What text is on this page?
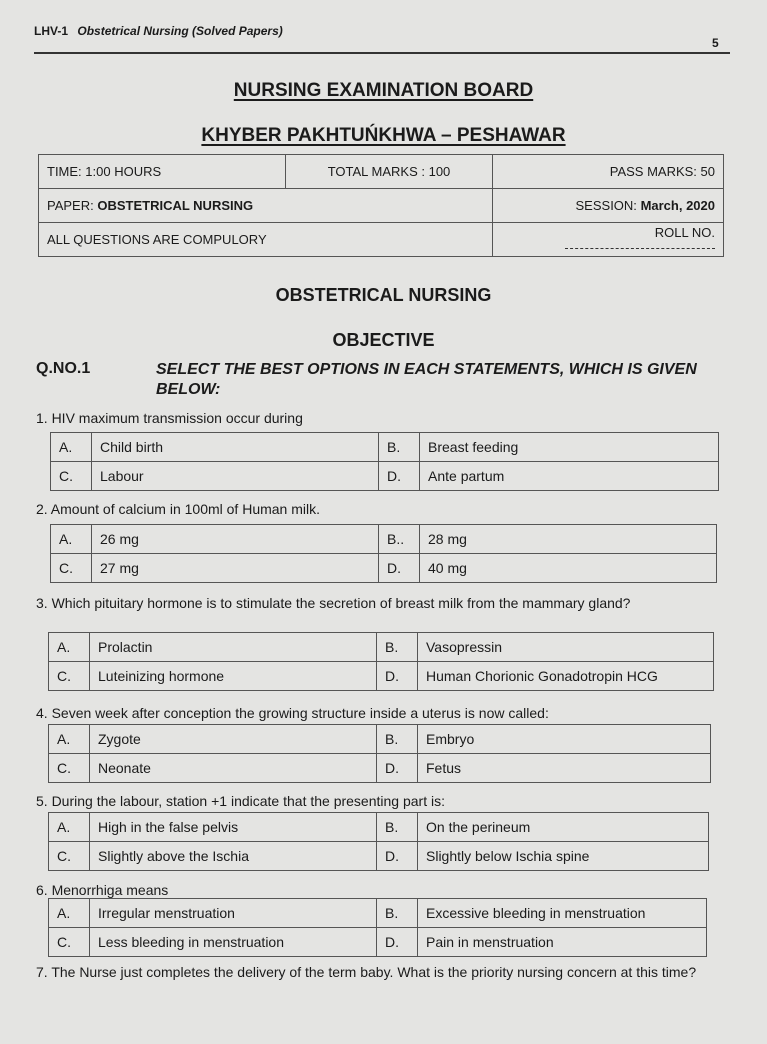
LHV-1 Obstetrical Nursing (Solved Papers)
5
NURSING EXAMINATION BOARD
KHYBER PAKHTUŃKHWA – PESHAWAR
TIME: 1:00 HOURS	TOTAL MARKS : 100	PASS MARKS: 50
PAPER: OBSTETRICAL NURSING		SESSION: March, 2020
ALL QUESTIONS ARE COMPULORY		ROLL NO.
OBSTETRICAL NURSING
OBJECTIVE
Q.NO.1	SELECT THE BEST OPTIONS IN EACH STATEMENTS, WHICH IS GIVEN BELOW:
1. HIV maximum transmission occur during
A.	Child birth	B.	Breast feeding
C.	Labour	D.	Ante partum
2. Amount of calcium in 100ml of Human milk.
A.	26 mg	B..	28 mg
C.	27 mg	D.	40 mg
3. Which pituitary hormone is to stimulate the secretion of breast milk from the mammary gland?
A.	Prolactin	B.	Vasopressin
C.	Luteinizing hormone	D.	Human Chorionic Gonadotropin HCG
4. Seven week after conception the growing structure inside a uterus is now called:
A.	Zygote	B.	Embryo
C.	Neonate	D.	Fetus
5. During the labour, station +1 indicate that the presenting part is:
A.	High in the false pelvis	B.	On the perineum
C.	Slightly above the Ischia	D.	Slightly below Ischia spine
6. Menorrhiga means
A.	Irregular menstruation	B.	Excessive bleeding in menstruation
C.	Less bleeding in menstruation	D.	Pain in menstruation
7. The Nurse just completes the delivery of the term baby. What is the priority nursing concern at this time?
